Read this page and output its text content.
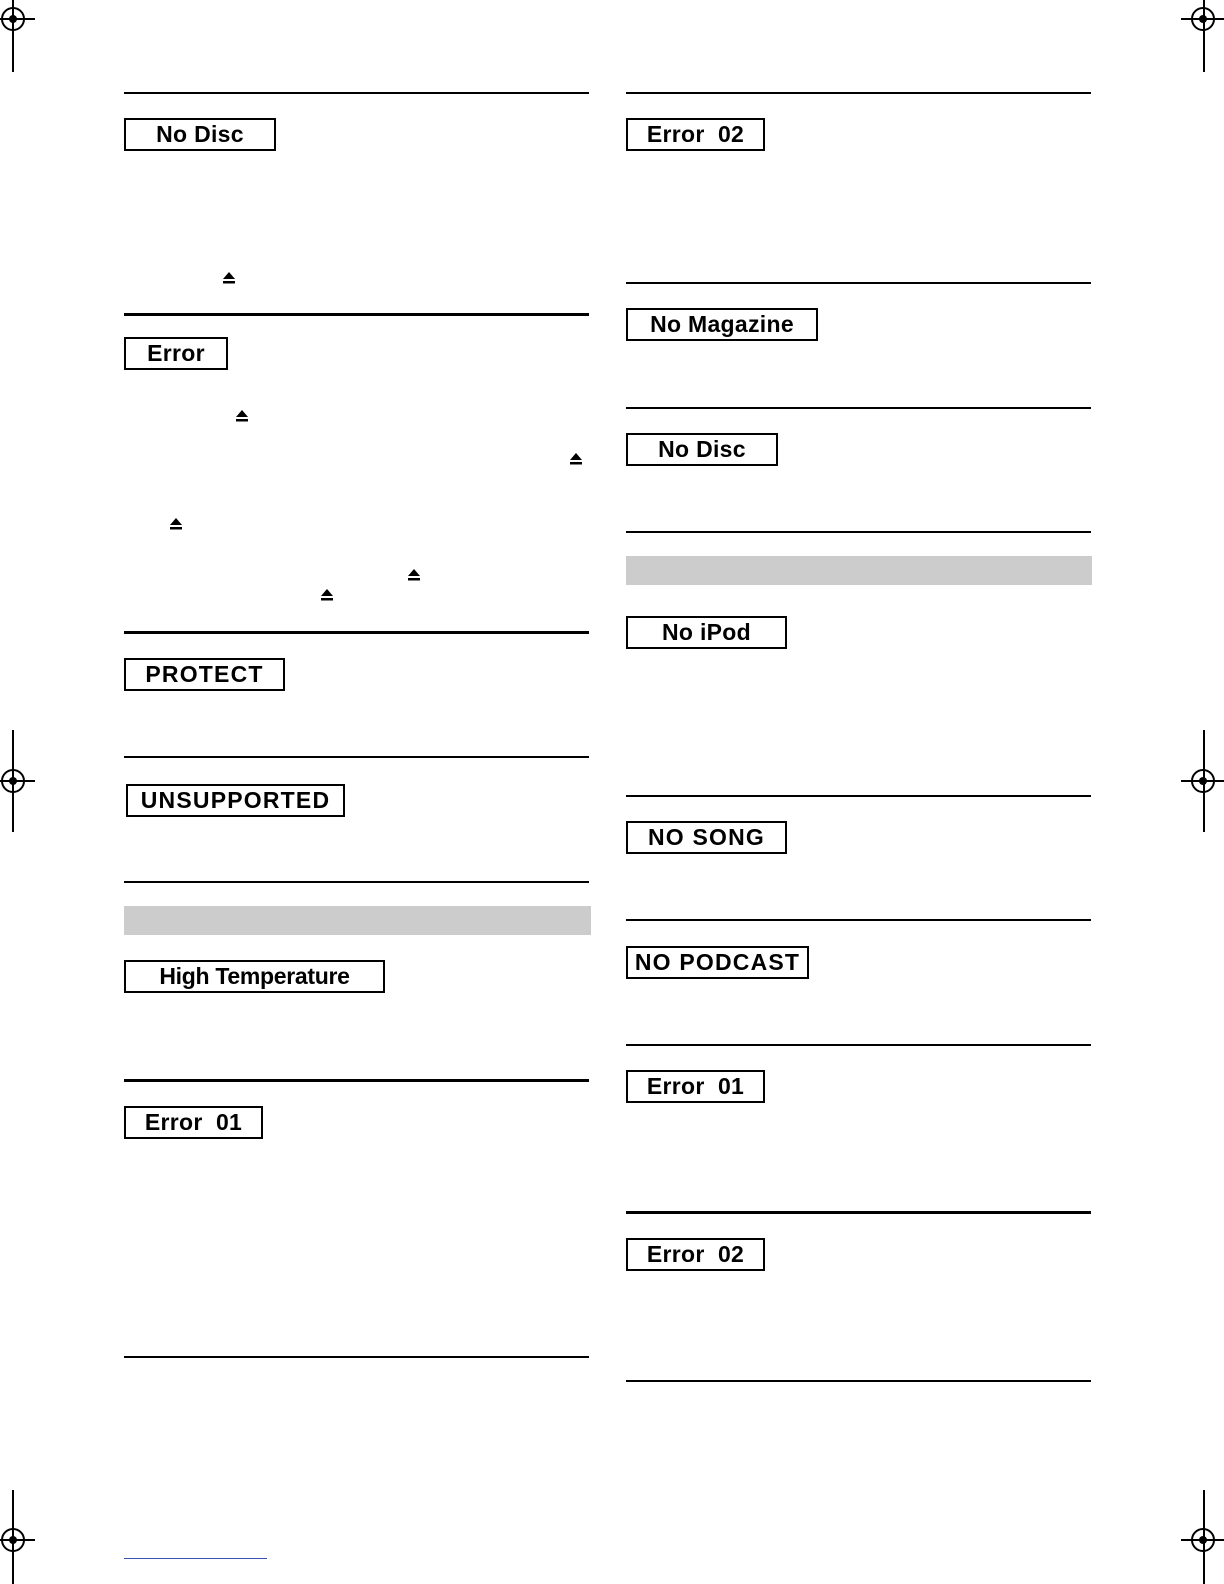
No Disc
Error
PROTECT
UNSUPPORTED
High Temperature
Error  01
Error  02
No Magazine
No Disc
No iPod
NO SONG
NO PODCAST
Error  01
Error  02
